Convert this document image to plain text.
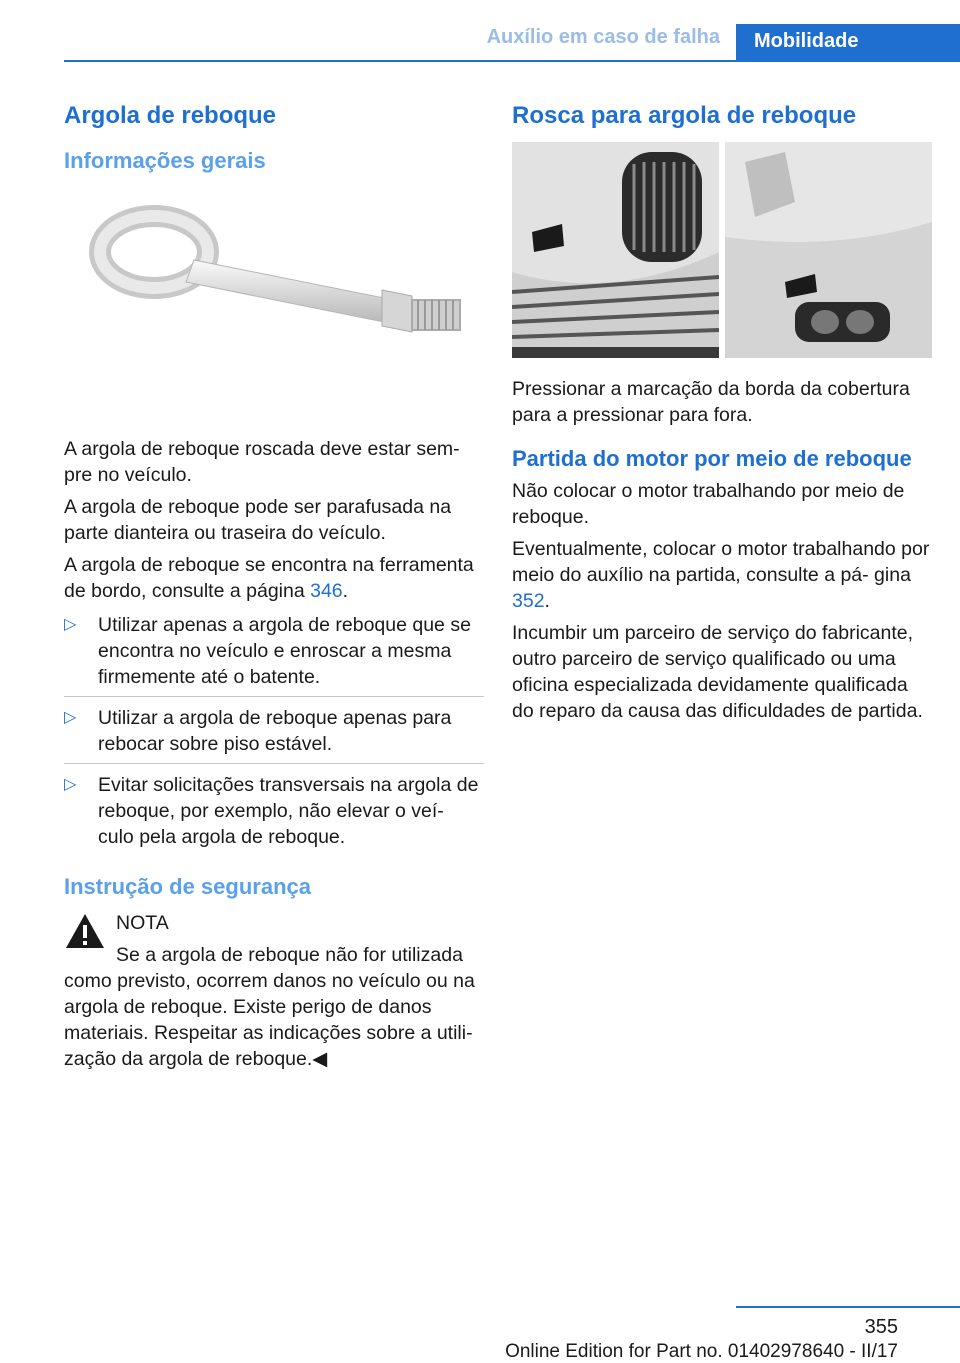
Auxílio em caso de falha	Mobilidade
Argola de reboque
Informações gerais

A argola de reboque roscada deve estar sem‐ pre no veículo.

A argola de reboque pode ser parafusada na parte dianteira ou traseira do veículo.

A argola de reboque se encontra na ferramenta de bordo, consulte a página 346.

▷ Utilizar apenas a argola de reboque que se encontra no veículo e enroscar a mesma firmemente até o batente.
▷ Utilizar a argola de reboque apenas para rebocar sobre piso estável.
▷ Evitar solicitações transversais na argola de reboque, por exemplo, não elevar o veí‐ culo pela argola de reboque.
Instrução de segurança

NOTA

Se a argola de reboque não for utilizada como previsto, ocorrem danos no veículo ou na argola de reboque. Existe perigo de danos materiais. Respeitar as indicações sobre a utili‐ zação da argola de reboque.◀

Rosca para argola de reboque

Pressionar a marcação da borda da cobertura para a pressionar para fora.

Partida do motor por meio de reboque

Não colocar o motor trabalhando por meio de reboque.

Eventualmente, colocar o motor trabalhando por meio do auxílio na partida, consulte a pá‐ gina 352.

Incumbir um parceiro de serviço do fabricante, outro parceiro de serviço qualificado ou uma oficina especializada devidamente qualificada do reparo da causa das dificuldades de partida.

355
Online Edition for Part no. 01402978640 - II/17
